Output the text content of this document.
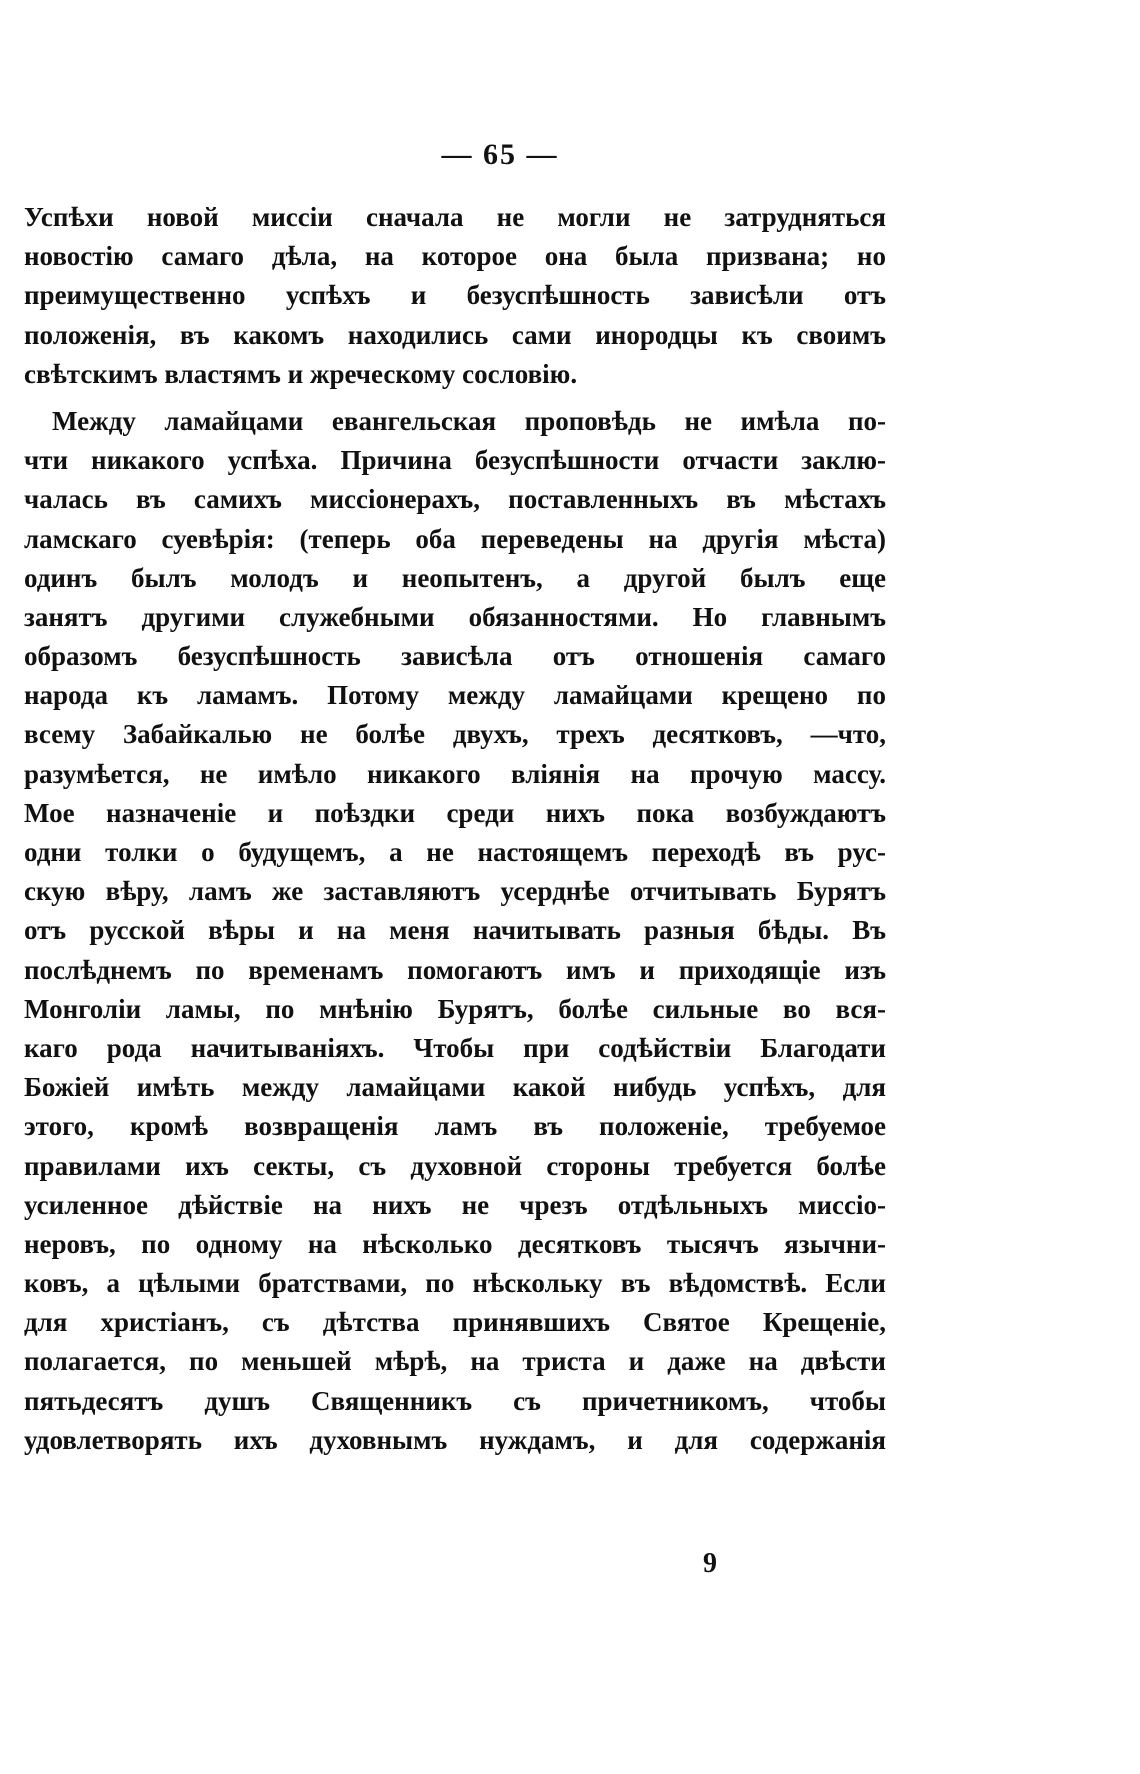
— 65 —
Успѣхи новой миссіи сначала не могли не затрудняться
новостію самаго дѣла, на которое она была призвана; но
преимущественно успѣхъ и безуспѣшность зависѣли отъ
положенія, въ какомъ находились сами инородцы къ своимъ
свѣтскимъ властямъ и жреческому сословію.
Между ламайцами евангельская проповѣдь не имѣла по-
чти никакого успѣха. Причина безуспѣшности отчасти заклю-
чалась въ самихъ миссіонерахъ, поставленныхъ въ мѣстахъ
ламскаго суевѣрія: (теперь оба переведены на другія мѣста)
одинъ былъ молодъ и неопытенъ, а другой былъ еще
занятъ другими служебными обязанностями. Но главнымъ
образомъ безуспѣшность зависѣла отъ отношенія самаго
народа къ ламамъ. Потому между ламайцами крещено по
всему Забайкалью не болѣе двухъ, трехъ десятковъ, —что,
разумѣется, не имѣло никакого вліянія на прочую массу.
Мое назначеніе и поѣздки среди нихъ пока возбуждаютъ
одни толки о будущемъ, а не настоящемъ переходѣ въ рус-
скую вѣру, ламъ же заставляютъ усерднѣе отчитывать Бурятъ
отъ русской вѣры и на меня начитывать разныя бѣды. Въ
послѣднемъ по временамъ помогаютъ имъ и приходящіе изъ
Монголіи ламы, по мнѣнію Бурятъ, болѣе сильные во вся-
каго рода начитываніяхъ. Чтобы при содѣйствіи Благодати
Божіей имѣть между ламайцами какой нибудь успѣхъ, для
этого, кромѣ возвращенія ламъ въ положеніе, требуемое
правилами ихъ секты, съ духовной стороны требуется болѣе
усиленное дѣйствіе на нихъ не чрезъ отдѣльныхъ миссіо-
неровъ, по одному на нѣсколько десятковъ тысячъ язычни-
ковъ, а цѣлыми братствами, по нѣскольку въ вѣдомствѣ. Если
для христіанъ, съ дѣтства принявшихъ Святое Крещеніе,
полагается, по меньшей мѣрѣ, на триста и даже на двѣсти
пятьдесятъ душъ Священникъ съ причетникомъ, чтобы
удовлетворять ихъ духовнымъ нуждамъ, и для содержанія
9
